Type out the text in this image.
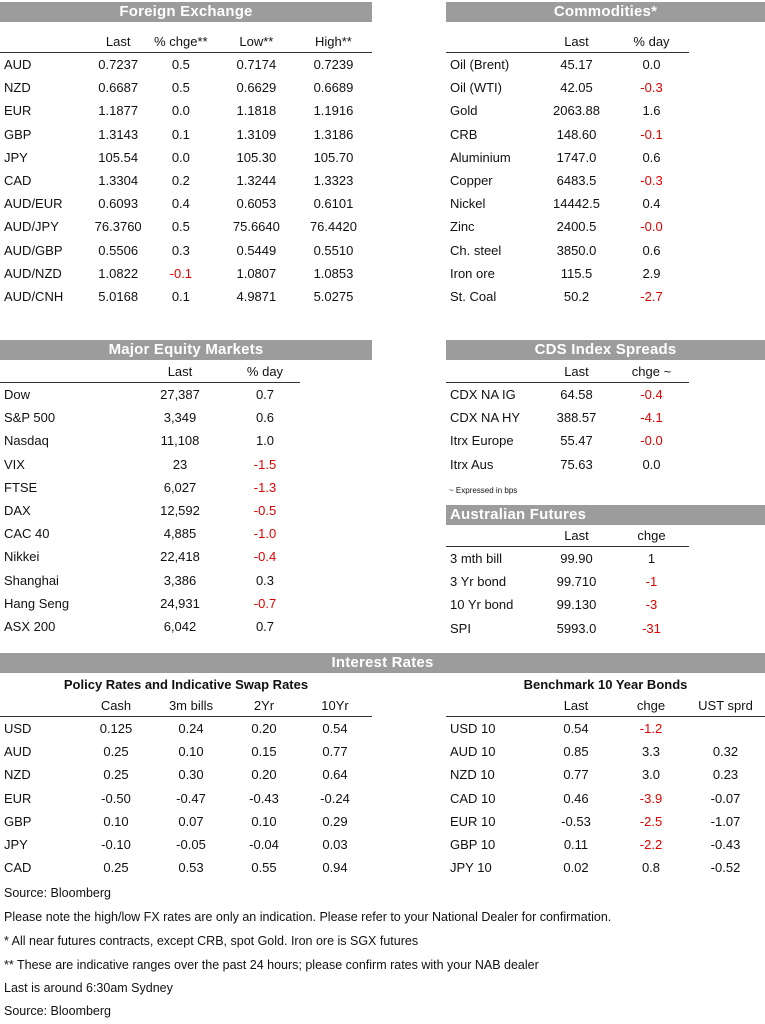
Foreign Exchange
	Last	% chge**	Low**	High**
AUD	0.7237	0.5	0.7174	0.7239
NZD	0.6687	0.5	0.6629	0.6689
EUR	1.1877	0.0	1.1818	1.1916
GBP	1.3143	0.1	1.3109	1.3186
JPY	105.54	0.0	105.30	105.70
CAD	1.3304	0.2	1.3244	1.3323
AUD/EUR	0.6093	0.4	0.6053	0.6101
AUD/JPY	76.3760	0.5	75.6640	76.4420
AUD/GBP	0.5506	0.3	0.5449	0.5510
AUD/NZD	1.0822	-0.1	1.0807	1.0853
AUD/CNH	5.0168	0.1	4.9871	5.0275
Commodities*
	Last	% day
Oil (Brent)	45.17	0.0
Oil (WTI)	42.05	-0.3
Gold	2063.88	1.6
CRB	148.60	-0.1
Aluminium	1747.0	0.6
Copper	6483.5	-0.3
Nickel	14442.5	0.4
Zinc	2400.5	-0.0
Ch. steel	3850.0	0.6
Iron ore	115.5	2.9
St. Coal	50.2	-2.7
Major Equity Markets
	Last	% day
Dow	27,387	0.7
S&P 500	3,349	0.6
Nasdaq	11,108	1.0
VIX	23	-1.5
FTSE	6,027	-1.3
DAX	12,592	-0.5
CAC 40	4,885	-1.0
Nikkei	22,418	-0.4
Shanghai	3,386	0.3
Hang Seng	24,931	-0.7
ASX 200	6,042	0.7
CDS Index Spreads
	Last	chge ~
CDX NA IG	64.58	-0.4
CDX NA HY	388.57	-4.1
Itrx Europe	55.47	-0.0
Itrx Aus	75.63	0.0
~ Expressed in bps
Australian Futures
	Last	chge
3 mth bill	99.90	1
3 Yr bond	99.710	-1
10 Yr bond	99.130	-3
SPI	5993.0	-31
Interest Rates
Policy Rates and Indicative Swap Rates
	Cash	3m bills	2Yr	10Yr
USD	0.125	0.24	0.20	0.54
AUD	0.25	0.10	0.15	0.77
NZD	0.25	0.30	0.20	0.64
EUR	-0.50	-0.47	-0.43	-0.24
GBP	0.10	0.07	0.10	0.29
JPY	-0.10	-0.05	-0.04	0.03
CAD	0.25	0.53	0.55	0.94
Benchmark 10 Year Bonds
	Last	chge	UST sprd
USD 10	0.54	-1.2	
AUD 10	0.85	3.3	0.32
NZD 10	0.77	3.0	0.23
CAD 10	0.46	-3.9	-0.07
EUR 10	-0.53	-2.5	-1.07
GBP 10	0.11	-2.2	-0.43
JPY 10	0.02	0.8	-0.52
Source: Bloomberg
Please note the high/low FX rates are only an indication. Please refer to your National Dealer for confirmation.
* All near futures contracts, except CRB, spot Gold. Iron ore is SGX futures
** These are indicative ranges over the past 24 hours; please confirm rates with your NAB dealer
Last is around 6:30am Sydney
Source: Bloomberg
